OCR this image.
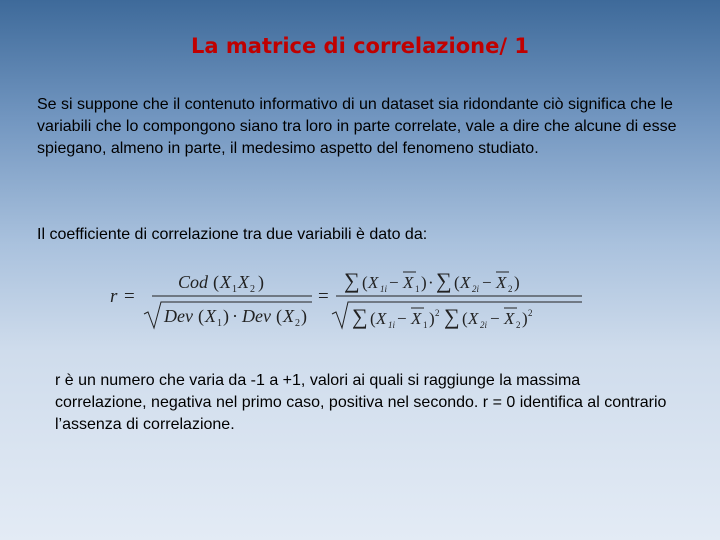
La matrice di correlazione/ 1
Se si suppone che il contenuto informativo di un dataset sia ridondante ciò significa che le variabili che lo compongono siano tra loro in parte correlate, vale a dire che alcune di esse spiegano, almeno in parte, il medesimo aspetto del fenomeno studiato.
Il coefficiente di correlazione tra due variabili è dato da:
r =
Cod ( X 1 X 2 )
Dev ( X 1 ) · Dev ( X 2 )
=
∑ ( X 1i − X 1 ) · ∑ ( X 2i − X 2 )
∑ ( X 1i − X 1 ) 2 ∑ ( X 2i − X 2 ) 2
r è un numero che varia da -1 a +1, valori ai quali si raggiunge la massima correlazione, negativa nel primo caso, positiva nel secondo. r = 0 identifica al contrario l’assenza di correlazione.
